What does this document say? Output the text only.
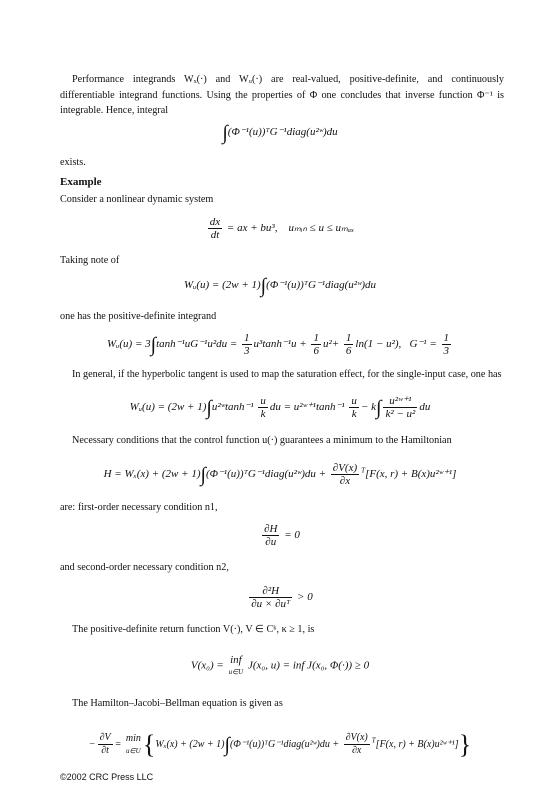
Performance integrands Wₓ(·) and Wᵤ(·) are real-valued, positive-definite, and continuously differentiable integrand functions. Using the properties of Φ one concludes that inverse function Φ⁻¹ is integrable. Hence, integral
∫(Φ⁻¹(u))ᵀG⁻¹diag(u²ʷ)du
exists.
Example
Consider a nonlinear dynamic system
$\frac{dx}{dt}$ = ax + bu³, uₘᵢₙ ≤ u ≤ uₘₐₓ
Taking note of
Wᵤ(u) = (2w + 1)∫(Φ⁻¹(u))ᵀG⁻¹diag(u²ʷ)du
one has the positive-definite integrand
Wᵤ(u) = $3\int\tanh^{-1}uG^{-1}u^2du = \frac{1}{3} u^3\tanh^{-1}u + \frac{1}{6} u^2+ \frac{1}{6} \ln(1 - u^2)$, $G^{-1} = \frac{1}{3}$
In general, if the hyperbolic tangent is used to map the saturation effect, for the single-input case, one has
Wᵤ(u) = (2w + 1)∫u²ʷtanh⁻¹ $\frac{u}{k}$ du = u²ʷ⁺¹tanh⁻¹ $\frac{u}{k} - k\int \frac{\text{u²ʷ⁺¹}}{\text{k² − u²}}$ du
Necessary conditions that the control function u(·) guarantees a minimum to the Hamiltonian
H = Wₓ(x) + (2w + 1)∫(Φ⁻¹(u))ᵀG⁻¹diag(u²ʷ)du + $\frac{\partial V(x)}{\partial x} ^T[F(x$, r) + B(x)u²ʷ⁺¹]
are: first-order necessary condition n1,
$\frac{\partial H}{\partial u} = 0$
and second-order necessary condition n2,
$\frac{\text{∂²H}}{\text{∂u × ∂uᵀ}} > 0$
The positive-definite return function V(·), V ∈ Cᵏ, κ ≥ 1, is
V(x₀) = inf
u∈U
J(x₀, u) = inf J(x₀, Φ(·)) ≥ 0
The Hamilton–Jacobi–Bellman equation is given as
− $\frac{\partial V}{\partial t}$ =
min
u∈U {Wₓ(x) + (2w + 1)∫(Φ⁻¹(u))ᵀG⁻¹diag(u²ʷ)du + $\frac{\partial V(x)}{\partial x} ^T[F(x$, r) + B(x)u²ʷ⁺¹]}
©2002 CRC Press LLC
